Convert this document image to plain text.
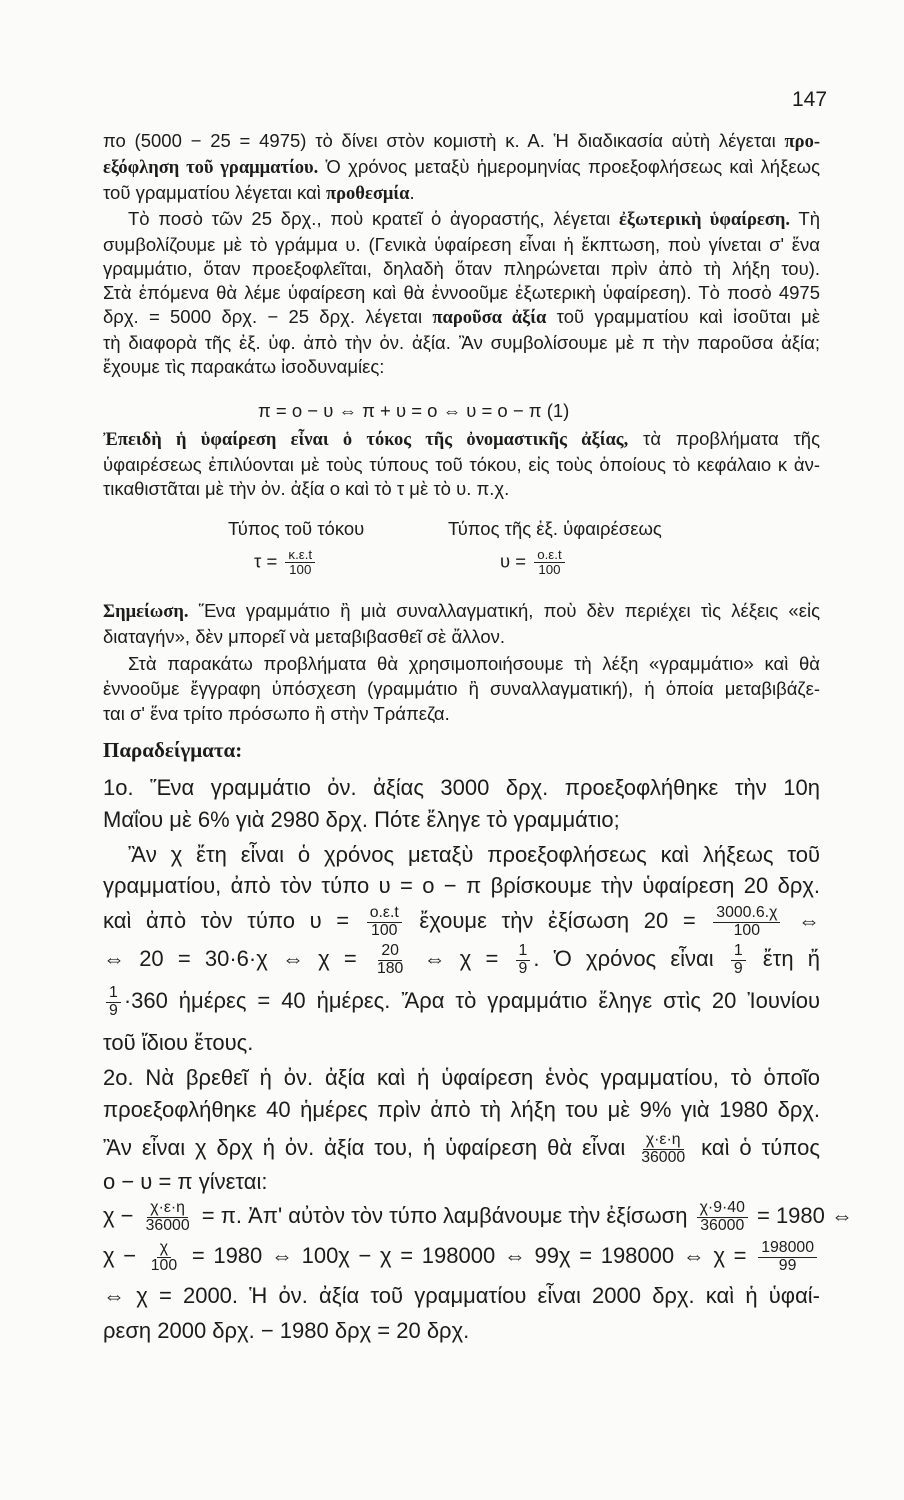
147
πο (5000 − 25 = 4975) τὸ δίνει στὸν κομιστὴ κ. Α. Ἡ διαδικασία αὐτὴ λέγεται προ-
εξόφληση τοῦ γραμματίου. Ὁ χρόνος μεταξὺ ἡμερομηνίας προεξοφλήσεως καὶ λήξεως
τοῦ γραμματίου λέγεται καὶ προθεσμία.
Τὸ ποσὸ τῶν 25 δρχ., ποὺ κρατεῖ ὁ ἀγοραστής, λέγεται ἐξωτερικὴ ὑφαίρεση. Τὴ
συμβολίζουμε μὲ τὸ γράμμα υ. (Γενικὰ ὑφαίρεση εἶναι ἡ ἔκπτωση, ποὺ γίνεται σ' ἕνα
γραμμάτιο, ὅταν προεξοφλεῖται, δηλαδὴ ὅταν πληρώνεται πρὶν ἀπὸ τὴ λήξη του).
Στὰ ἑπόμενα θὰ λέμε ὑφαίρεση καὶ θὰ ἐννοοῦμε ἐξωτερικὴ ὑφαίρεση). Τὸ ποσὸ 4975
δρχ. = 5000 δρχ. − 25 δρχ. λέγεται παροῦσα ἀξία τοῦ γραμματίου καὶ ἰσοῦται μὲ
τὴ διαφορὰ τῆς ἐξ. ὑφ. ἀπὸ τὴν ὀν. ἀξία. Ἂν συμβολίσουμε μὲ π τὴν παροῦσα ἀξία;
ἔχουμε τὶς παρακάτω ἰσοδυναμίες:
π = ο − υ ⇔ π + υ = ο ⇔ υ = ο − π (1)
Ἐπειδὴ ἡ ὑφαίρεση εἶναι ὁ τόκος τῆς ὀνομαστικῆς ἀξίας, τὰ προβλήματα τῆς
ὑφαιρέσεως ἐπιλύονται μὲ τοὺς τύπους τοῦ τόκου, εἰς τοὺς ὁποίους τὸ κεφάλαιο κ ἀν-
τικαθιστᾶται μὲ τὴν ὀν. ἀξία ο καὶ τὸ τ μὲ τὸ υ. π.χ.
Τύπος τοῦ τόκου	Τύπος τῆς ἐξ. ὑφαιρέσεως
$\tau = \frac{\kappa.\varepsilon.t}{100}$	$\upsilon = \frac{o.\varepsilon.t}{100}$
Σημείωση. Ἕνα γραμμάτιο ἢ μιὰ συναλλαγματική, ποὺ δὲν περιέχει τὶς λέξεις «εἰς
διαταγήν», δὲν μπορεῖ νὰ μεταβιβασθεῖ σὲ ἄλλον.
Στὰ παρακάτω προβλήματα θὰ χρησιμοποιήσουμε τὴ λέξη «γραμμάτιο» καὶ θὰ
ἐννοοῦμε ἔγγραφη ὑπόσχεση (γραμμάτιο ἢ συναλλαγματική), ἡ ὁποία μεταβιβάζε-
ται σ' ἕνα τρίτο πρόσωπο ἢ στὴν Τράπεζα.
Παραδείγματα:
1ο. Ἕνα γραμμάτιο ὀν. ἀξίας 3000 δρχ. προεξοφλήθηκε τὴν 10η
Μαΐου μὲ 6% γιὰ 2980 δρχ. Πότε ἔληγε τὸ γραμμάτιο;
Ἂν χ ἔτη εἶναι ὁ χρόνος μεταξὺ προεξοφλήσεως καὶ λήξεως τοῦ
γραμματίου, ἀπὸ τὸν τύπο υ = ο − π βρίσκουμε τὴν ὑφαίρεση 20 δρχ.
καὶ ἀπὸ τὸν τύπο $\upsilon = \frac{o.\varepsilon.t}{100}$ ἔχουμε τὴν ἐξίσωση $20 = \frac{3000.6.\chi}{100}$ ⇔
⇔ 20 = 30·6·χ ⇔ $\chi = \frac{20}{180}$ ⇔ $\chi = \frac{1}{9}$ . Ὁ χρόνος εἶναι $\frac{1}{9}$ ἔτη ἤ
$\frac{1}{9} \cdot 360$ ἡμέρες = 40 ἡμέρες. Ἄρα τὸ γραμμάτιο ἔληγε στὶς 20 Ἰουνίου
τοῦ ἴδιου ἔτους.
2ο. Νὰ βρεθεῖ ἡ ὀν. ἀξία καὶ ἡ ὑφαίρεση ἑνὸς γραμματίου, τὸ ὁποῖο
προεξοφλήθηκε 40 ἡμέρες πρὶν ἀπὸ τὴ λήξη του μὲ 9% γιὰ 1980 δρχ.
Ἂν εἶναι χ δρχ ἡ ὀν. ἀξία του, ἡ ὑφαίρεση θὰ εἶναι $\frac{\chi\cdot\varepsilon\cdot\eta}{36000}$ καὶ ὁ τύπος
ο − υ = π γίνεται:
$\chi - \frac{\chi\cdot\varepsilon\cdot\eta}{36000} = \pi$. Ἀπ' αὐτὸν τὸν τύπο λαμβάνουμε τὴν ἐξίσωση $\frac{\chi\cdot 9\cdot 40}{36000} = 1980$ ⇔
$\chi - \frac{\chi}{100} = 1980$ ⇔ 100χ − χ = 198000 ⇔ 99χ = 198000 ⇔ $\chi = \frac{198000}{99}$
⇔ χ = 2000. Ἡ ὀν. ἀξία τοῦ γραμματίου εἶναι 2000 δρχ. καὶ ἡ ὑφαί-
ρεση 2000 δρχ. − 1980 δρχ = 20 δρχ.
